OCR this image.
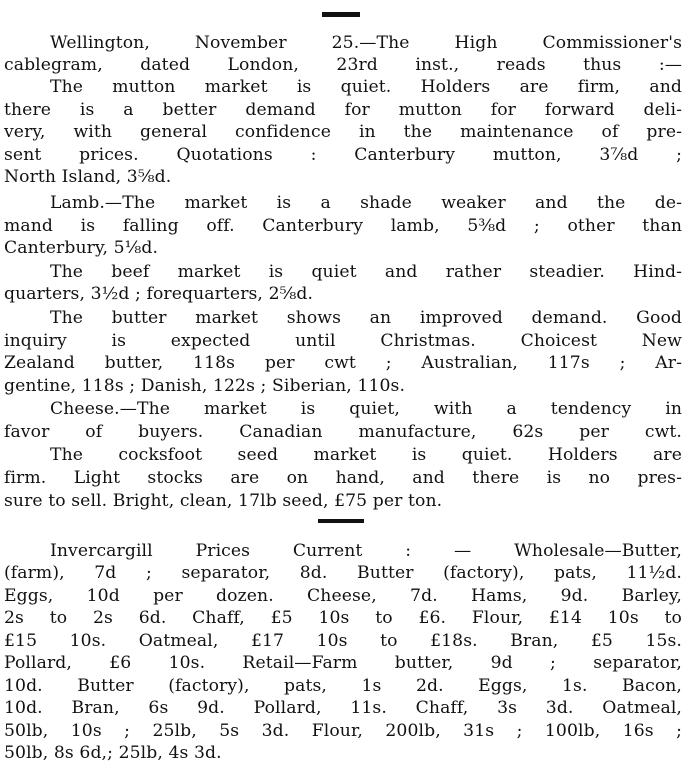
Wellington, November 25.—The High Commissioner's
cablegram, dated London, 23rd inst., reads thus :—
The mutton market is quiet. Holders are firm, and
there is a better demand for mutton for forward deli-
very, with general confidence in the maintenance of pre-
sent prices. Quotations : Canterbury mutton, 3⅞d ;
North Island, 3⅝d.
Lamb.—The market is a shade weaker and the de-
mand is falling off. Canterbury lamb, 5⅜d ; other than
Canterbury, 5⅛d.
The beef market is quiet and rather steadier. Hind-
quarters, 3½d ; forequarters, 2⅝d.
The butter market shows an improved demand. Good
inquiry is expected until Christmas. Choicest New
Zealand butter, 118s per cwt ; Australian, 117s ; Ar-
gentine, 118s ; Danish, 122s ; Siberian, 110s.
Cheese.—The market is quiet, with a tendency in
favor of buyers. Canadian manufacture, 62s per cwt.
The cocksfoot seed market is quiet. Holders are
firm. Light stocks are on hand, and there is no pres-
sure to sell. Bright, clean, 17lb seed, £75 per ton.
Invercargill Prices Current : — Wholesale—Butter,
(farm), 7d ; separator, 8d. Butter (factory), pats, 11½d.
Eggs, 10d per dozen. Cheese, 7d. Hams, 9d. Barley,
2s to 2s 6d. Chaff, £5 10s to £6. Flour, £14 10s to
£15 10s. Oatmeal, £17 10s to £18s. Bran, £5 15s.
Pollard, £6 10s. Retail—Farm butter, 9d ; separator,
10d. Butter (factory), pats, 1s 2d. Eggs, 1s. Bacon,
10d. Bran, 6s 9d. Pollard, 11s. Chaff, 3s 3d. Oatmeal,
50lb, 10s ; 25lb, 5s 3d. Flour, 200lb, 31s ; 100lb, 16s ;
50lb, 8s 6d,; 25lb, 4s 3d.
